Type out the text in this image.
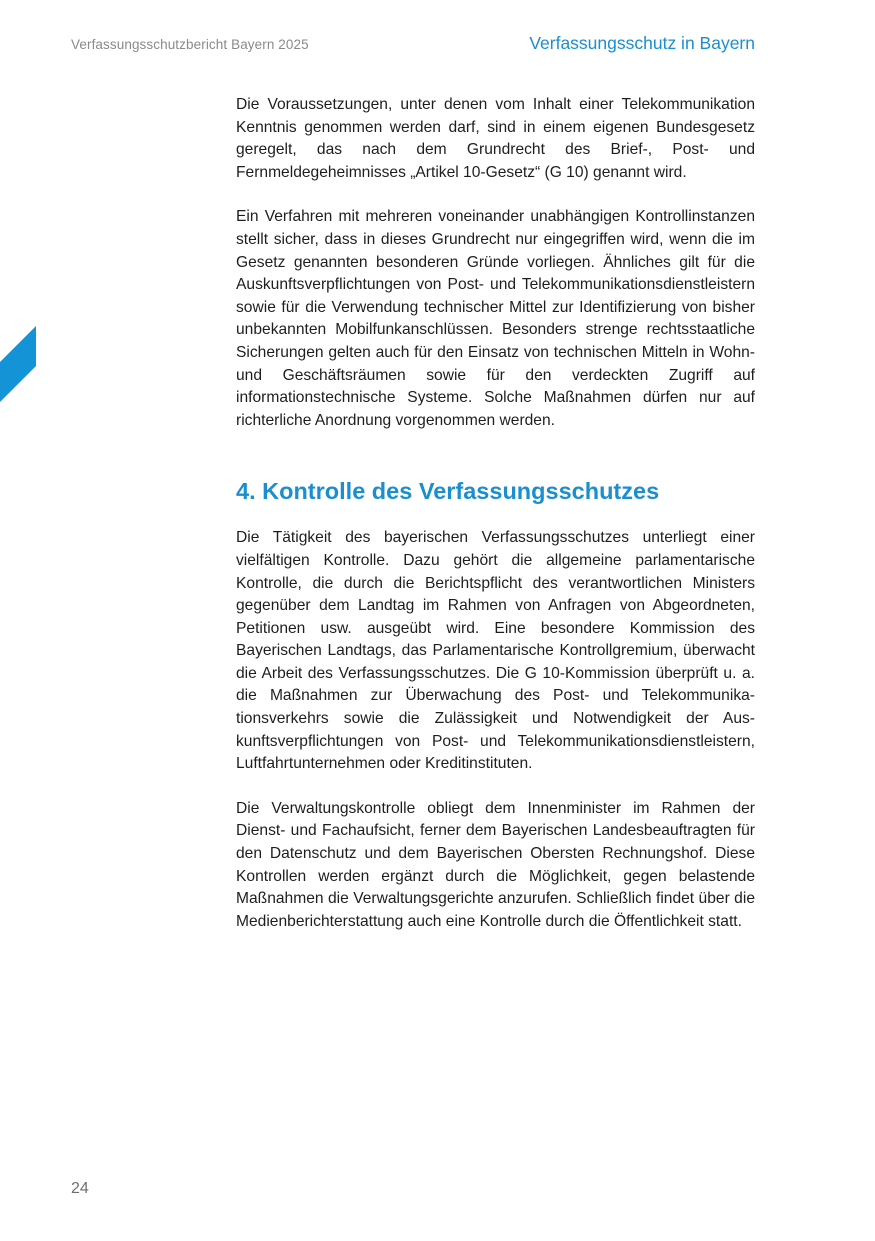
Verfassungsschutzbericht Bayern 2025	Verfassungsschutz in Bayern

Die Voraussetzungen, unter denen vom Inhalt einer Telekommunikation Kenntnis genommen werden darf, sind in einem eigenen Bundesgesetz geregelt, das nach dem Grundrecht des Brief-, Post- und Fernmeldegeheimnisses „Artikel 10-Gesetz“ (G 10) genannt wird.

Ein Verfahren mit mehreren voneinander unabhängigen Kontrollinstanzen stellt sicher, dass in dieses Grundrecht nur eingegriffen wird, wenn die im Gesetz genannten besonderen Gründe vorliegen. Ähnliches gilt für die Auskunftsverpflichtungen von Post- und Telekommunikationsdienstleistern sowie für die Verwendung technischer Mittel zur Identifizierung von bisher unbekannten Mobilfunkanschlüssen. Besonders strenge rechtsstaatliche Sicherungen gelten auch für den Einsatz von technischen Mitteln in Wohn- und Geschäftsräumen sowie für den verdeckten Zugriff auf informationstechnische Systeme. Solche Maßnahmen dürfen nur auf richterliche Anordnung vorgenommen werden.

4. Kontrolle des Verfassungsschutzes

Die Tätigkeit des bayerischen Verfassungsschutzes unterliegt einer vielfältigen Kontrolle. Dazu gehört die allgemeine parlamentarische Kontrolle, die durch die Berichtspflicht des verantwortlichen Ministers gegenüber dem Landtag im Rahmen von Anfragen von Abgeordneten, Petitionen usw. ausgeübt wird. Eine besondere Kommission des Bayerischen Landtags, das Parlamentarische Kontrollgremium, überwacht die Arbeit des Verfassungsschutzes. Die G 10-Kommission überprüft u. a. die Maßnahmen zur Überwachung des Post- und Telekommunikationsverkehrs sowie die Zulässigkeit und Notwendigkeit der Auskunftsverpflichtungen von Post- und Telekommunikationsdienstleistern, Luftfahrtunternehmen oder Kreditinstituten.

Die Verwaltungskontrolle obliegt dem Innenminister im Rahmen der Dienst- und Fachaufsicht, ferner dem Bayerischen Landesbeauftragten für den Datenschutz und dem Bayerischen Obersten Rechnungshof. Diese Kontrollen werden ergänzt durch die Möglichkeit, gegen belastende Maßnahmen die Verwaltungsgerichte anzurufen. Schließlich findet über die Medienberichterstattung auch eine Kontrolle durch die Öffentlichkeit statt.

24
